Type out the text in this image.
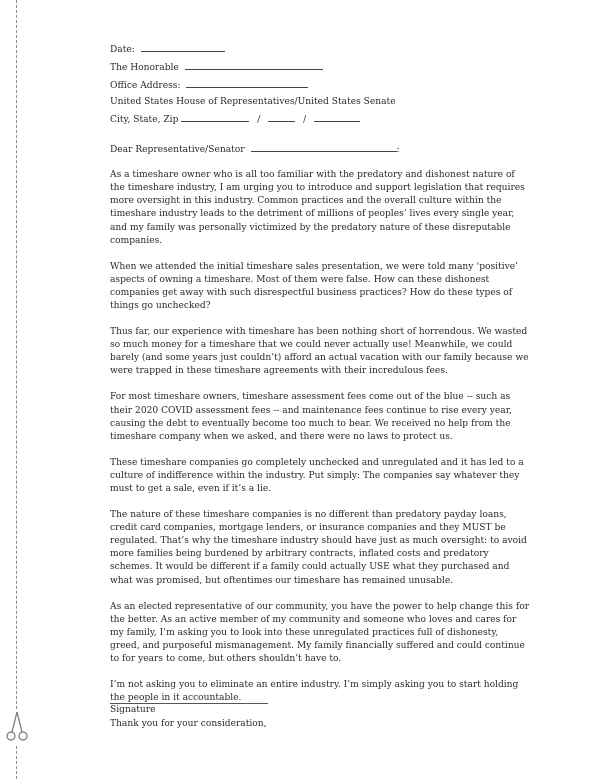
Date:
The Honorable
Office Address:
United States House of Representatives/United States Senate
City, State, Zip	/	/
Dear Representative/Senator	:

As a timeshare owner who is all too familiar with the predatory and dishonest nature of the timeshare industry, I am urging you to introduce and support legislation that requires more oversight in this industry. Common practices and the overall culture within the timeshare industry leads to the detriment of millions of peoples’ lives every single year, and my family was personally victimized by the predatory nature of these disreputable companies.

When we attended the initial timeshare sales presentation, we were told many ‘positive’ aspects of owning a timeshare. Most of them were false. How can these dishonest companies get away with such disrespectful business practices? How do these types of things go unchecked?

Thus far, our experience with timeshare has been nothing short of horrendous. We wasted so much money for a timeshare that we could never actually use! Meanwhile, we could barely (and some years just couldn’t) afford an actual vacation with our family because we were trapped in these timeshare agreements with their incredulous fees.

For most timeshare owners, timeshare assessment fees come out of the blue -- such as their 2020 COVID assessment fees -- and maintenance fees continue to rise every year, causing the debt to eventually become too much to bear. We received no help from the timeshare company when we asked, and there were no laws to protect us.

These timeshare companies go completely unchecked and unregulated and it has led to a culture of indifference within the industry. Put simply: The companies say whatever they must to get a sale, even if it’s a lie.

The nature of these timeshare companies is no different than predatory payday loans, credit card companies, mortgage lenders, or insurance companies and they MUST be regulated. That’s why the timeshare industry should have just as much oversight: to avoid more families being burdened by arbitrary contracts, inflated costs and predatory schemes. It would be different if a family could actually USE what they purchased and what was promised, but oftentimes our timeshare has remained unusable.

As an elected representative of our community, you have the power to help change this for the better. As an active member of my community and someone who loves and cares for my family, I’m asking you to look into these unregulated practices full of dishonesty, greed, and purposeful mismanagement. My family financially suffered and could continue to for years to come, but others shouldn’t have to.

I’m not asking you to eliminate an entire industry. I’m simply asking you to start holding the people in it accountable.

Thank you for your consideration,

Signature
